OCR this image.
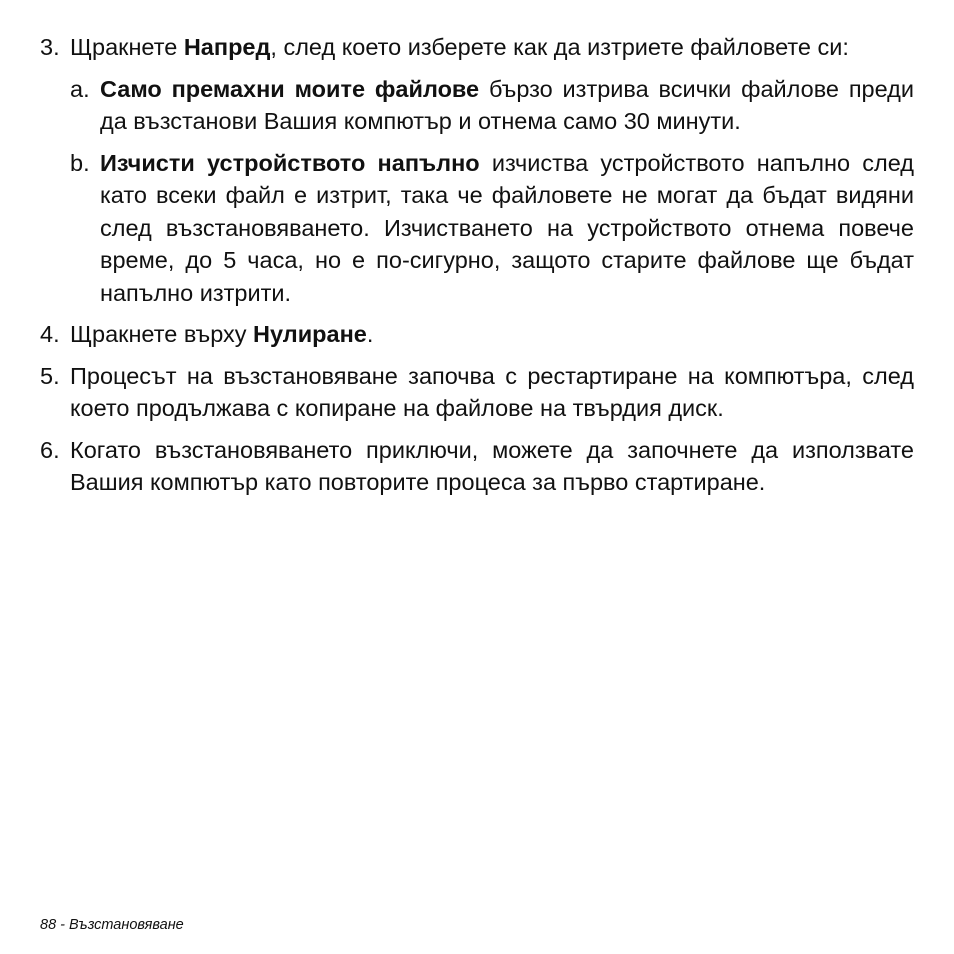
3. Щракнете Напред, след което изберете как да изтриете файловете си:
a. Само премахни моите файлове бързо изтрива всички файлове преди да възстанови Вашия компютър и отнема само 30 минути.
b. Изчисти устройството напълно изчиства устройството напълно след като всеки файл е изтрит, така че файловете не могат да бъдат видяни след възстановяването. Изчистването на устройството отнема повече време, до 5 часа, но е по-сигурно, защото старите файлове ще бъдат напълно изтрити.
4. Щракнете върху Нулиране.
5. Процесът на възстановяване започва с рестартиране на компютъра, след което продължава с копиране на файлове на твърдия диск.
6. Когато възстановяването приключи, можете да започнете да използвате Вашия компютър като повторите процеса за първо стартиране.
88 - Възстановяване
